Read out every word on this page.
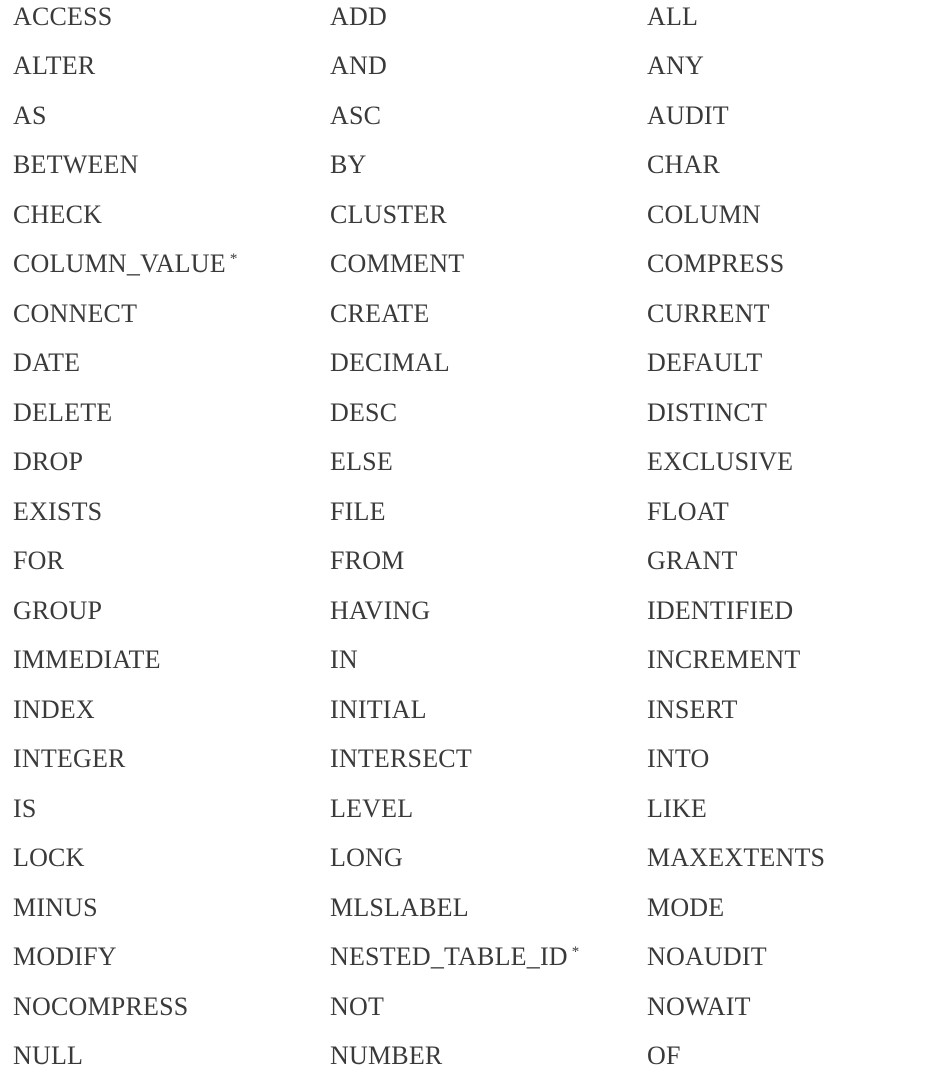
ACCESS	ADD	ALL
ALTER	AND	ANY
AS	ASC	AUDIT
BETWEEN	BY	CHAR
CHECK	CLUSTER	COLUMN
COLUMN_VALUE *	COMMENT	COMPRESS
CONNECT	CREATE	CURRENT
DATE	DECIMAL	DEFAULT
DELETE	DESC	DISTINCT
DROP	ELSE	EXCLUSIVE
EXISTS	FILE	FLOAT
FOR	FROM	GRANT
GROUP	HAVING	IDENTIFIED
IMMEDIATE	IN	INCREMENT
INDEX	INITIAL	INSERT
INTEGER	INTERSECT	INTO
IS	LEVEL	LIKE
LOCK	LONG	MAXEXTENTS
MINUS	MLSLABEL	MODE
MODIFY	NESTED_TABLE_ID *	NOAUDIT
NOCOMPRESS	NOT	NOWAIT
NULL	NUMBER	OF
